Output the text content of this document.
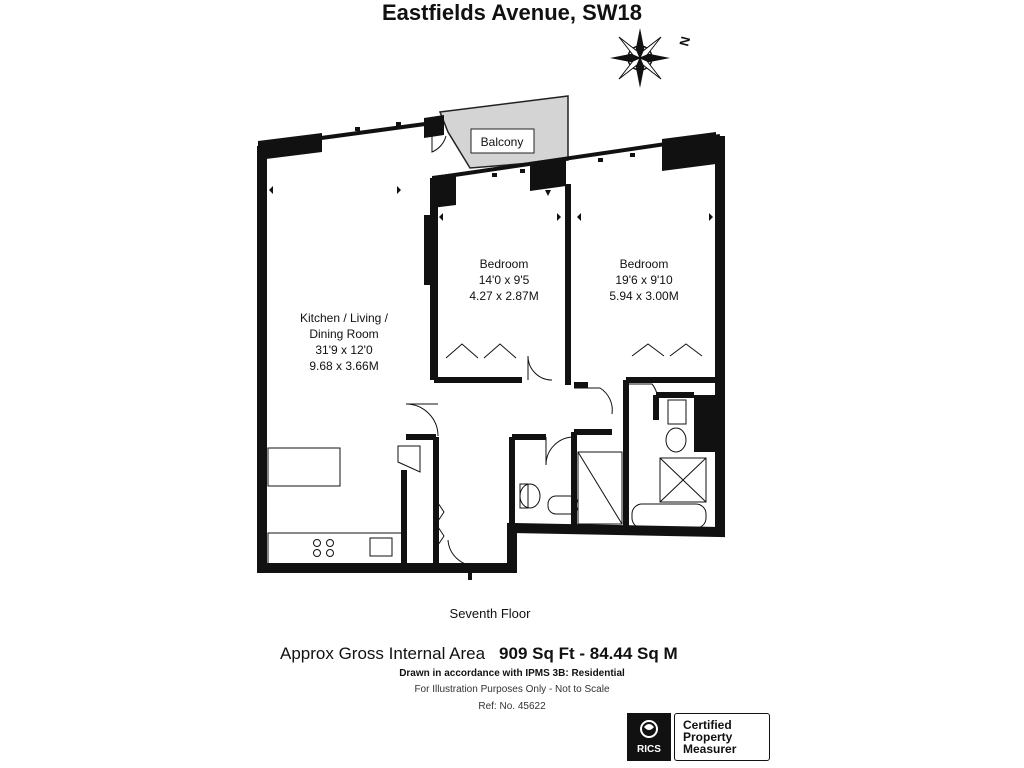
Eastfields Avenue, SW18
N
Balcony
Bedroom
14'0 x 9'5
4.27 x 2.87M
Bedroom
19'6 x 9'10
5.94 x 3.00M
Kitchen / Living /
Dining Room
31'9 x 12'0
9.68 x 3.66M
Seventh Floor
Approx Gross Internal Area 909 Sq Ft - 84.44 Sq M
Drawn in accordance with IPMS 3B: Residential
For Illustration Purposes Only - Not to Scale
Ref: No. 45622
RICS
Certified
Property
Measurer
